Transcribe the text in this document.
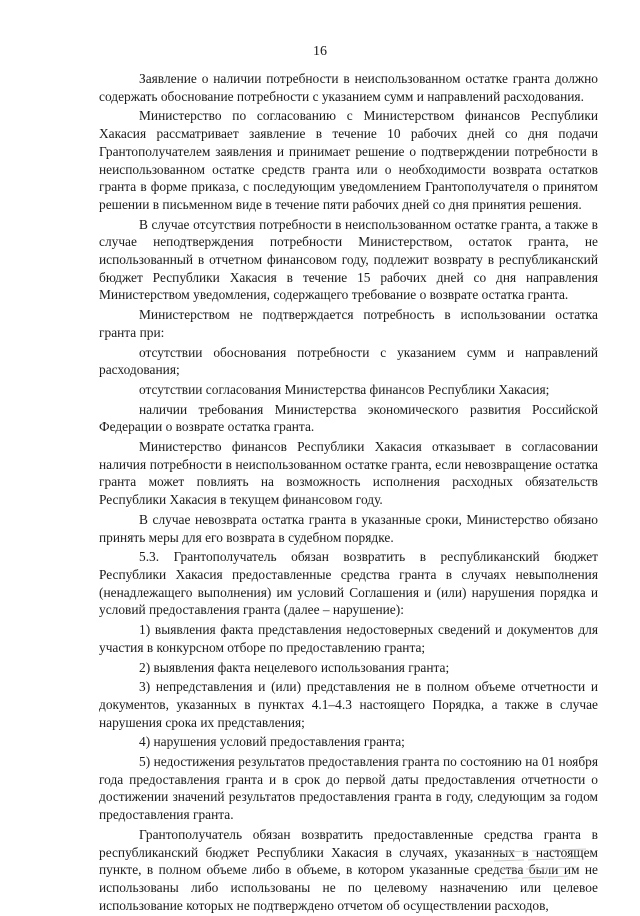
16

Заявление о наличии потребности в неиспользованном остатке гранта должно содержать обоснование потребности с указанием сумм и направлений расходования.

Министерство по согласованию с Министерством финансов Республики Хакасия рассматривает заявление в течение 10 рабочих дней со дня подачи Грантополучателем заявления и принимает решение о подтверждении потребности в неиспользованном остатке средств гранта или о необходимости возврата остатков гранта в форме приказа, с последующим уведомлением Грантополучателя о принятом решении в письменном виде в течение пяти рабочих дней со дня принятия решения.

В случае отсутствия потребности в неиспользованном остатке гранта, а также в случае неподтверждения потребности Министерством, остаток гранта, не использованный в отчетном финансовом году, подлежит возврату в республиканский бюджет Республики Хакасия в течение 15 рабочих дней со дня направления Министерством уведомления, содержащего требование о возврате остатка гранта.

Министерством не подтверждается потребность в использовании остатка гранта при:

отсутствии обоснования потребности с указанием сумм и направлений расходования;

отсутствии согласования Министерства финансов Республики Хакасия;

наличии требования Министерства экономического развития Российской Федерации о возврате остатка гранта.

Министерство финансов Республики Хакасия отказывает в согласовании наличия потребности в неиспользованном остатке гранта, если невозвращение остатка гранта может повлиять на возможность исполнения расходных обязательств Республики Хакасия в текущем финансовом году.

В случае невозврата остатка гранта в указанные сроки, Министерство обязано принять меры для его возврата в судебном порядке.

5.3. Грантополучатель обязан возвратить в республиканский бюджет Республики Хакасия предоставленные средства гранта в случаях невыполнения (ненадлежащего выполнения) им условий Соглашения и (или) нарушения порядка и условий предоставления гранта (далее – нарушение):

1) выявления факта представления недостоверных сведений и документов для участия в конкурсном отборе по предоставлению гранта;

2) выявления факта нецелевого использования гранта;

3) непредставления и (или) представления не в полном объеме отчетности и документов, указанных в пунктах 4.1–4.3 настоящего Порядка, а также в случае нарушения срока их представления;

4) нарушения условий предоставления гранта;

5) недостижения результатов предоставления гранта по состоянию на 01 ноября года предоставления гранта и в срок до первой даты предоставления отчетности о достижении значений результатов предоставления гранта в году, следующим за годом предоставления гранта.

Грантополучатель обязан возвратить предоставленные средства гранта в республиканский бюджет Республики Хакасия в случаях, указанных в настоящем пункте, в полном объеме либо в объеме, в котором указанные средства были им не использованы либо использованы не по целевому назначению или целевое использование которых не подтверждено отчетом об осуществлении расходов,
